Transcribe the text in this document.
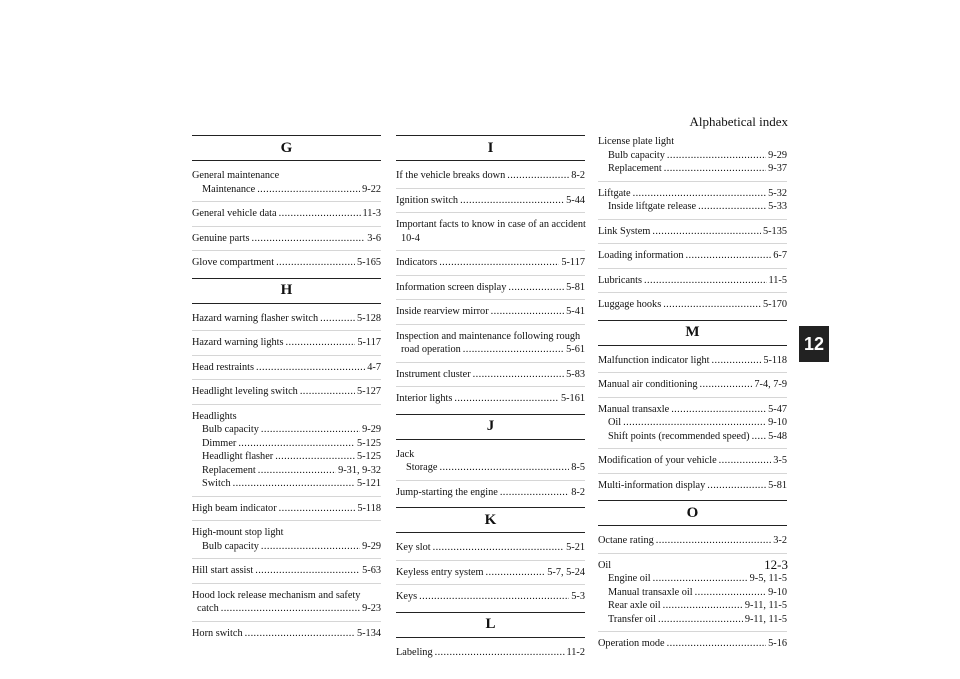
Alphabetical index
12-3
12
G
General maintenance
Maintenance .....	9-22
General vehicle data .....	11-3
Genuine parts .....	3-6
Glove compartment .....	5-165
H
Hazard warning flasher switch .....	5-128
Hazard warning lights .....	5-117
Head restraints .....	4-7
Headlight leveling switch .....	5-127
Headlights
Bulb capacity .....	9-29
Dimmer .....	5-125
Headlight flasher .....	5-125
Replacement .....	9-31, 9-32
Switch .....	5-121
High beam indicator .....	5-118
High-mount stop light
Bulb capacity .....	9-29
Hill start assist .....	5-63
Hood lock release mechanism and safety
catch .....	9-23
Horn switch .....	5-134
I
If the vehicle breaks down .....	8-2
Ignition switch .....	5-44
Important facts to know in case of an accident
10-4
Indicators .....	5-117
Information screen display .....	5-81
Inside rearview mirror .....	5-41
Inspection and maintenance following rough
road operation .....	5-61
Instrument cluster .....	5-83
Interior lights .....	5-161
J
Jack
Storage .....	8-5
Jump-starting the engine .....	8-2
K
Key slot .....	5-21
Keyless entry system .....	5-7, 5-24
Keys .....	5-3
L
Labeling .....	11-2
License plate light
Bulb capacity .....	9-29
Replacement .....	9-37
Liftgate .....	5-32
Inside liftgate release .....	5-33
Link System .....	5-135
Loading information .....	6-7
Lubricants .....	11-5
Luggage hooks .....	5-170
M
Malfunction indicator light .....	5-118
Manual air conditioning .....	7-4, 7-9
Manual transaxle .....	5-47
Oil .....	9-10
Shift points (recommended speed) ..... 5-48
Modification of your vehicle .....	3-5
Multi-information display .....	5-81
O
Octane rating .....	3-2
Oil
Engine oil .....	9-5, 11-5
Manual transaxle oil .....	9-10
Rear axle oil .....	9-11, 11-5
Transfer oil .....	9-11, 11-5
Operation mode .....	5-16
